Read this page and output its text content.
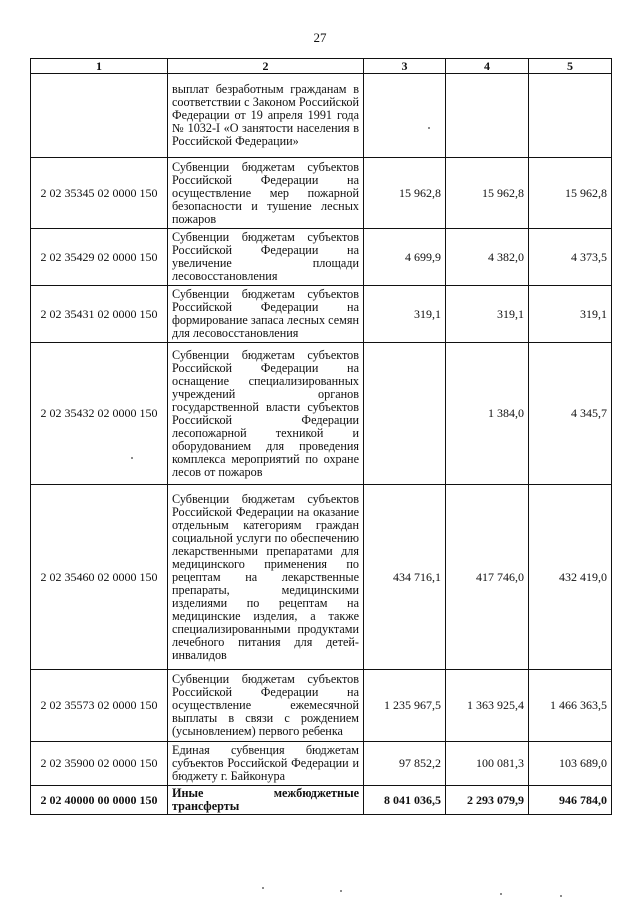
27
1	2	3	4	5
	выплат безработным гражданам в соответствии с Законом Российской Федерации от 19 апреля 1991 года № 1032-I «О занятости населения в Российской Федерации»			
2 02 35345 02 0000 150	Субвенции бюджетам субъектов Российской Федерации на осуществление мер пожарной безопасности и тушение лесных пожаров	15 962,8	15 962,8	15 962,8
2 02 35429 02 0000 150	Субвенции бюджетам субъектов Российской Федерации на увеличение площади лесовосстановления	4 699,9	4 382,0	4 373,5
2 02 35431 02 0000 150	Субвенции бюджетам субъектов Российской Федерации на формирование запаса лесных семян для лесовосстановления	319,1	319,1	319,1
2 02 35432 02 0000 150	Субвенции бюджетам субъектов Российской Федерации на оснащение специализированных учреждений органов государственной власти субъектов Российской Федерации лесопожарной техникой и оборудованием для проведения комплекса мероприятий по охране лесов от пожаров		1 384,0	4 345,7
2 02 35460 02 0000 150	Субвенции бюджетам субъектов Российской Федерации на оказание отдельным категориям граждан социальной услуги по обеспечению лекарственными препаратами для медицинского применения по рецептам на лекарственные препараты, медицинскими изделиями по рецептам на медицинские изделия, а также специализированными продуктами лечебного питания для детей-инвалидов	434 716,1	417 746,0	432 419,0
2 02 35573 02 0000 150	Субвенции бюджетам субъектов Российской Федерации на осуществление ежемесячной выплаты в связи с рождением (усыновлением) первого ребенка	1 235 967,5	1 363 925,4	1 466 363,5
2 02 35900 02 0000 150	Единая субвенция бюджетам субъектов Российской Федерации и бюджету г. Байконура	97 852,2	100 081,3	103 689,0
2 02 40000 00 0000 150	Иные межбюджетные трансферты	8 041 036,5	2 293 079,9	946 784,0
